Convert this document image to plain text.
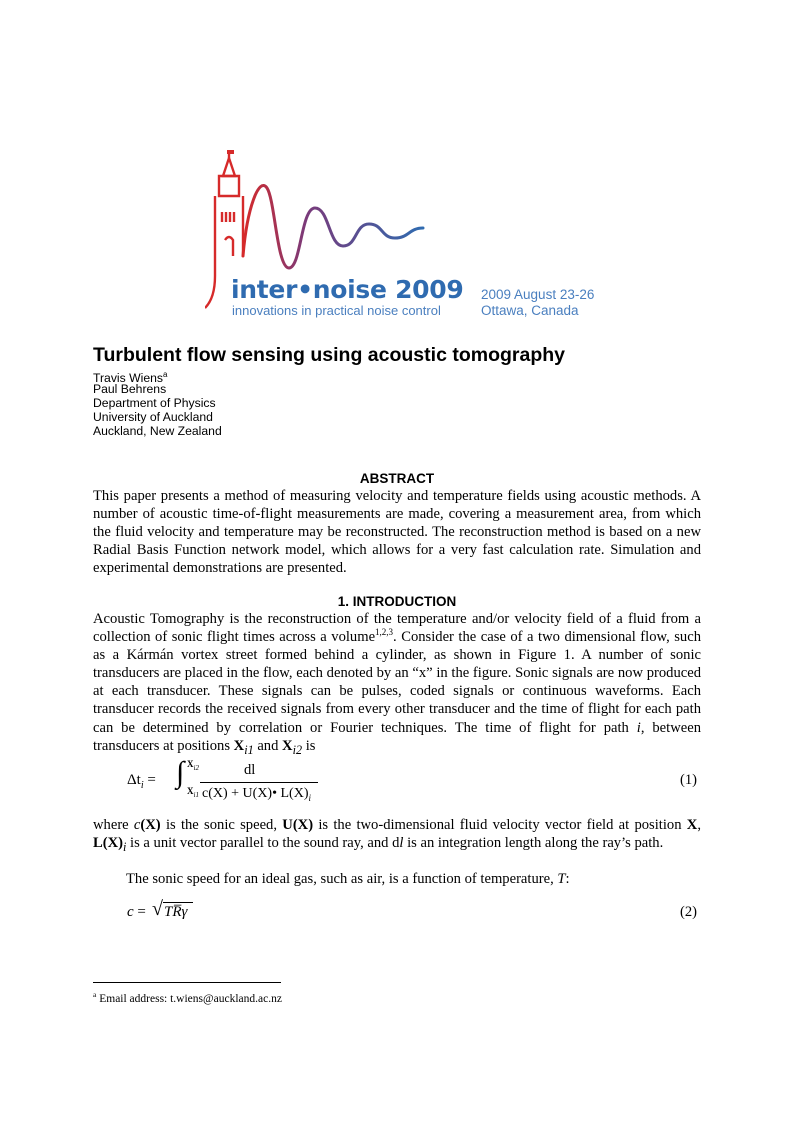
inter•noise 2009
innovations in practical noise control
2009 August 23-26
Ottawa, Canada
Turbulent flow sensing using acoustic tomography
Travis Wiens$^a$
Paul Behrens
Department of Physics
University of Auckland
Auckland, New Zealand
ABSTRACT
This paper presents a method of measuring velocity and temperature fields using acoustic methods. A number of acoustic time-of-flight measurements are made, covering a measurement area, from which the fluid velocity and temperature may be reconstructed. The reconstruction method is based on a new Radial Basis Function network model, which allows for a very fast calculation rate. Simulation and experimental demonstrations are presented.
1. INTRODUCTION
Acoustic Tomography is the reconstruction of the temperature and/or velocity field of a fluid from a collection of sonic flight times across a volume$^{1,2,3}$. Consider the case of a two dimensional flow, such as a Kármán vortex street formed behind a cylinder, as shown in Figure 1. A number of sonic transducers are placed in the flow, each denoted by an “x” in the figure. Sonic signals are now produced at each transducer. These signals can be pulses, coded signals or continuous waveforms. Each transducer records the received signals from every other transducer and the time of flight for each path can be determined by correlation or Fourier techniques. The time of flight for path i, between transducers at positions $X_{i1}$ and $X_{i2}$ is
$\Delta t_i$ = ∫ $X_{i2}$
$X_{i1}$
dl
c(X) + U(X)• $L(X)_i$
(1)
where c(X) is the sonic speed, U(X) is the two-dimensional fluid velocity vector field at position X, $L(X)_i$ is a unit vector parallel to the sound ray, and dl is an integration length along the ray’s path.
The sonic speed for an ideal gas, such as air, is a function of temperature, T:
c = √ TR̅γ	(2)
$^a$ Email address: t.wiens@auckland.ac.nz
